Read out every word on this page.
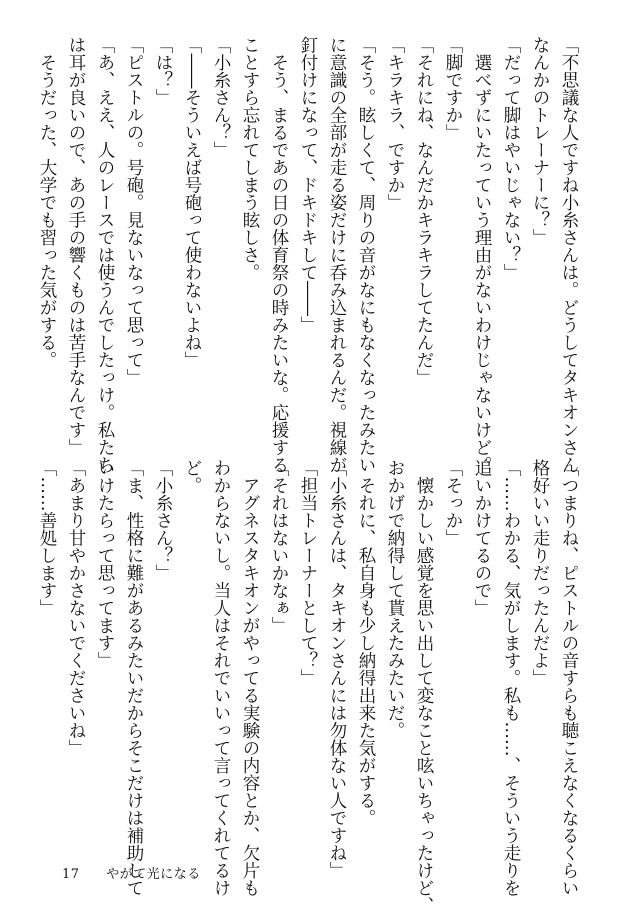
「不思議な人ですね小糸さんは。どうしてタキオンさん
なんかのトレーナーに？」
「だって脚はやいじゃない？」
　選べずにいたっていう理由がないわけじゃないけど。
「脚ですか」
「それにね、なんだかキラキラしてたんだ」
「キラキラ、ですか」
「そう。眩しくて、周りの音がなにもなくなったみたい
に意識の全部が走る姿だけに呑み込まれるんだ。視線が
釘付けになって、ドキドキして――」
　そう、まるであの日の体育祭の時みたいな。応援する
ことすら忘れてしまう眩しさ。
「小糸さん？」
「――そういえば号砲って使わないよね」
「は？」
「ピストルの。号砲。見ないなって思って」
「あ、ええ、人のレースでは使うんでしたっけ。私たち
は耳が良いので、あの手の響くものは苦手なんです」
　そうだった、大学でも習った気がする。
「つまりね、ピストルの音すらも聴こえなくなるくらい
格好いい走りだったんだよ」
「……わかる、気がします。私も……、そういう走りを
追いかけてるので」
「そっか」
　懐かしい感覚を思い出して変なこと呟いちゃったけど、
おかげで納得して貰えたみたいだ。
　それに、私自身も少し納得出来た気がする。
「小糸さんは、タキオンさんには勿体ない人ですね」
「担当トレーナーとして？」
「それはないかなぁ」
　アグネスタキオンがやってる実験の内容とか、欠片も
わからないし。当人はそれでいいって言ってくれてるけ
ど。
「小糸さん？」
「ま、性格に難があるみたいだからそこだけは補助して
いけたらって思ってます」
「あまり甘やかさないでくださいね」
「……善処します」
17 やがて光になる
